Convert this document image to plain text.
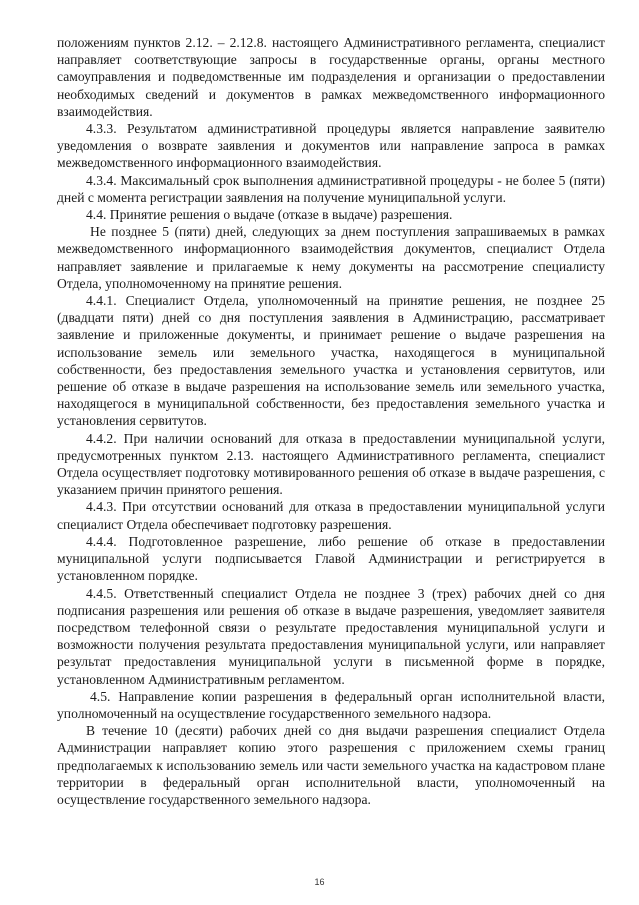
положениям пунктов 2.12. – 2.12.8. настоящего Административного регламента, специалист направляет соответствующие запросы в государственные органы, органы местного самоуправления и подведомственные им подразделения и организации о предоставлении необходимых сведений и документов в рамках межведомственного информационного взаимодействия.

4.3.3. Результатом административной процедуры является направление заявителю уведомления о возврате заявления и документов или направление запроса в рамках межведомственного информационного взаимодействия.

4.3.4. Максимальный срок выполнения административной процедуры - не более 5 (пяти) дней с момента регистрации заявления на получение муниципальной услуги.

4.4. Принятие решения о выдаче (отказе в выдаче) разрешения.

Не позднее 5 (пяти) дней, следующих за днем поступления запрашиваемых в рамках межведомственного информационного взаимодействия документов, специалист Отдела направляет заявление и прилагаемые к нему документы на рассмотрение специалисту Отдела, уполномоченному на принятие решения.

4.4.1. Специалист Отдела, уполномоченный на принятие решения, не позднее 25 (двадцати пяти) дней со дня поступления заявления в Администрацию, рассматривает заявление и приложенные документы, и принимает решение о выдаче разрешения на использование земель или земельного участка, находящегося в муниципальной собственности, без предоставления земельного участка и установления сервитутов, или решение об отказе в выдаче разрешения на использование земель или земельного участка, находящегося в муниципальной собственности, без предоставления земельного участка и установления сервитутов.

4.4.2. При наличии оснований для отказа в предоставлении муниципальной услуги, предусмотренных пунктом 2.13. настоящего Административного регламента, специалист Отдела осуществляет подготовку мотивированного решения об отказе в выдаче разрешения, с указанием причин принятого решения.

4.4.3. При отсутствии оснований для отказа в предоставлении муниципальной услуги специалист Отдела обеспечивает подготовку разрешения.

4.4.4. Подготовленное разрешение, либо решение об отказе в предоставлении муниципальной услуги подписывается Главой Администрации и регистрируется в установленном порядке.

4.4.5. Ответственный специалист Отдела не позднее 3 (трех) рабочих дней со дня подписания разрешения или решения об отказе в выдаче разрешения, уведомляет заявителя посредством телефонной связи о результате предоставления муниципальной услуги и возможности получения результата предоставления муниципальной услуги, или направляет результат предоставления муниципальной услуги в письменной форме в порядке, установленном Административным регламентом.

4.5. Направление копии разрешения в федеральный орган исполнительной власти, уполномоченный на осуществление государственного земельного надзора.

В течение 10 (десяти) рабочих дней со дня выдачи разрешения специалист Отдела Администрации направляет копию этого разрешения с приложением схемы границ предполагаемых к использованию земель или части земельного участка на кадастровом плане территории в федеральный орган исполнительной власти, уполномоченный на осуществление государственного земельного надзора.

16
